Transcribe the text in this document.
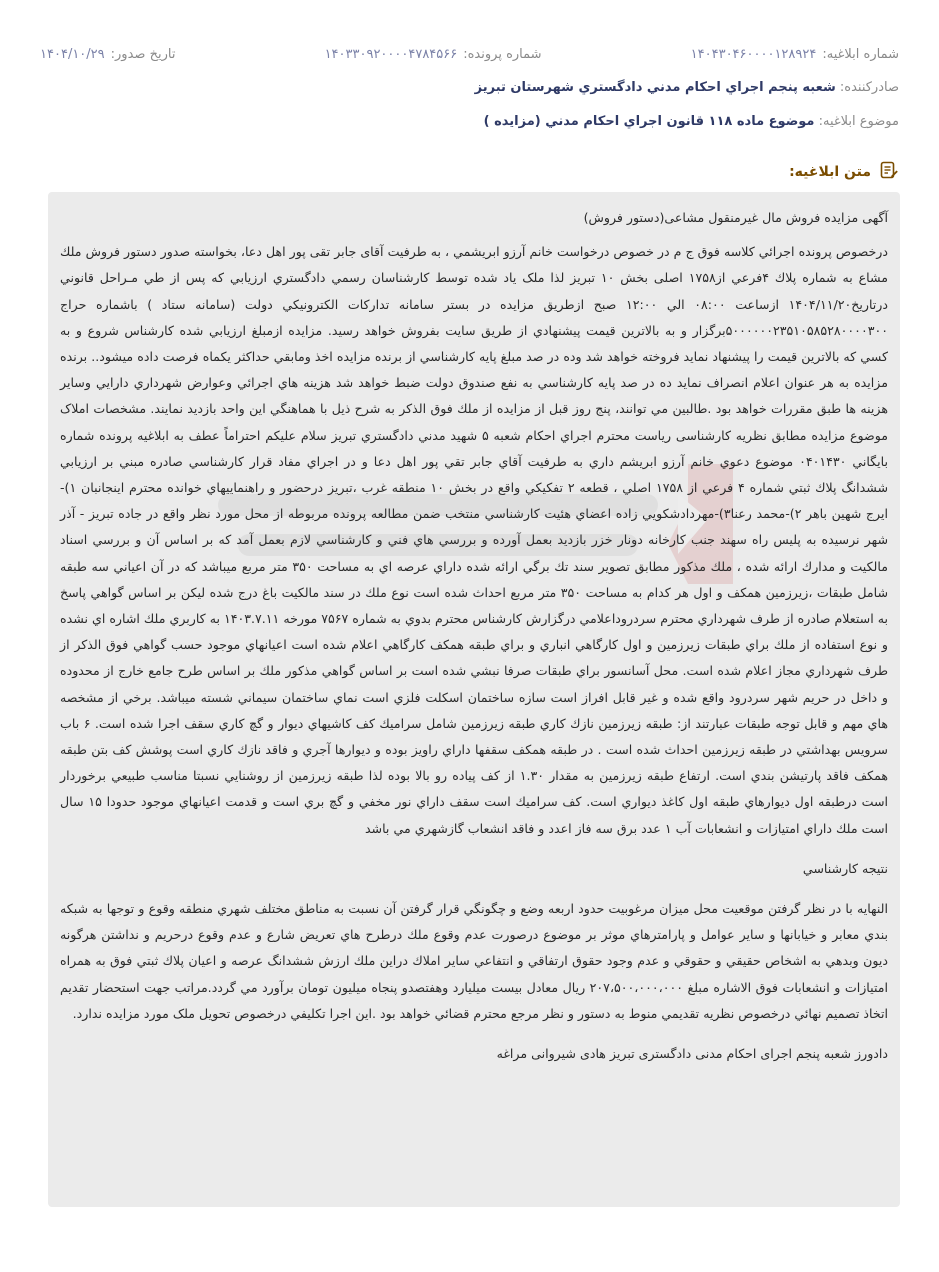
شماره ابلاغیه:
۱۴۰۴۳۰۴۶۰۰۰۰۱۲۸۹۲۴
شماره پرونده:
۱۴۰۳۳۰۹۲۰۰۰۰۴۷۸۴۵۶۶
تاریخ صدور:
۱۴۰۴/۱۰/۲۹
صادرکننده: شعبه پنجم اجراي احكام مدني دادگستري شهرستان تبريز
موضوع ابلاغیه: موضوع ماده ۱۱۸ قانون اجراي احكام مدني (مزايده )
متن ابلاغیه:

آگهی مزایده فروش مال غیرمنقول مشاعی(دستور فروش)

درخصوص پرونده اجرائي كلاسه فوق ج م در خصوص درخواست خانم آرزو ابريشمي ، به طرفيت آقای جابر تقی پور اهل دعا، بخواسته صدور دستور فروش ملك مشاع به شماره پلاك ۴فرعي از۱۷۵۸ اصلی بخش ۱۰ تبريز لذا ملک یاد شده توسط کارشناسان رسمي دادگستري ارزيابي كه پس از طي مـراحل قانوني درتاريخ۱۴۰۴/۱۱/۲۰ ازساعت ۰۸:۰۰ الي ۱۲:۰۰ صبح ازطريق مزايده در بستر سامانه تداركات الكترونيكي دولت (سامانه ستاد ) باشماره حراج ۵۰۰۰۰۰۰۲۳۵۱۰۵۸۵۲۸۰۰۰۰۳۰۰برگزار و به بالاترين قيمت پيشنهادي از طريق سايت بفروش خواهد رسيد. مزایده ازمبلغ ارزيابي شده كارشناس شروع و به كسي كه بالاترين قيمت را پيشنهاد نمايد فروخته خواهد شد وده در صد مبلغ پايه كارشناسي از برنده مزايده اخذ ومابقي حداكثر يكماه فرصت داده ميشود.. برنده مزايده به هر عنوان اعلام انصراف نمايد ده در صد پايه كارشناسي به نفع صندوق دولت ضبط خواهد شد هزينه هاي اجرائي وعوارض شهرداري دارايي وساير هزينه ها طبق مقررات خواهد بود .طالبين مي توانند، پنج روز قبل از مزايده از ملك فوق الذكر به شرح ذيل با هماهنگي اين واحد بازديد نمايند. مشخصات املاک موضوع مزایده مطابق نظریه کارشناسی رياست محترم اجراي احكام شعبه ۵ شهيد مدني دادگستري تبريز سلام عليكم احتراماً عطف به ابلاغیه پرونده شماره بايگاني ۰۴۰۱۴۳۰ موضوع دعوي خانم آرزو ابريشم داري به طرفيت آقاي جابر تقي پور اهل دعا و در اجراي مفاد قرار كارشناسي صادره مبني بر ارزيابي ششدانگ پلاك ثبتي شماره ۴ فرعي از ۱۷۵۸ اصلي ، قطعه ۲ تفكيكي واقع در بخش ۱۰ منطقه غرب ،تبريز درحضور و راهنماييهاي خوانده محترم اينجانبان ۱)-ايرج شهين باهر ۲)-محمد رعنا۳)-مهردادشكويي زاده اعضاي هئيت كارشناسي منتخب ضمن مطالعه پرونده مربوطه از محل مورد نظر واقع در جاده تبريز - آذر شهر نرسيده به پليس راه سهند جنب كارخانه دونار خزر بازديد بعمل آورده و بررسي هاي فني و كارشناسي لازم بعمل آمد كه بر اساس آن و بررسي اسناد مالكيت و مدارك ارائه شده ، ملك مذكور مطابق تصوير سند تك برگي ارائه شده داراي عرصه اي به مساحت ۳۵۰ متر مربع ميباشد كه در آن اعياني سه طبقه شامل طبقات ،زيرزمين همكف و اول هر كدام به مساحت ۳۵۰ متر مربع احداث شده است نوع ملك در سند مالكيت باغ درج شده ليكن بر اساس گواهي پاسخ به استعلام صادره از طرف شهرداري محترم سردروداعلامي درگزارش كارشناس محترم بدوي به شماره ۷۵۶۷ مورخه ۱۴۰۳.۷.۱۱ به كاربري ملك اشاره اي نشده و نوع استفاده از ملك براي طبقات زيرزمين و اول كارگاهي انباري و براي طبقه همكف كارگاهي اعلام شده است اعيانهاي موجود حسب گواهي فوق الذكر از طرف شهرداري مجاز اعلام شده است. محل آسانسور براي طبقات صرفا نبشي شده است بر اساس گواهي مذكور ملك بر اساس طرح جامع خارج از محدوده و داخل در حريم شهر سردرود واقع شده و غير قابل افراز است سازه ساختمان اسكلت فلزي است نماي ساختمان سيماني شسته ميباشد. برخي از مشخصه هاي مهم و قابل توجه طبقات عبارتند از: طبقه زيرزمين نازك كاري طبقه زيرزمين شامل سراميك كف كاشيهاي ديوار و گچ كاري سقف اجرا شده است. ۶ باب سرويس بهداشتي در طبقه زيرزمين احداث شده است . در طبقه همكف سقفها داراي راويز بوده و ديوارها آجري و فاقد نازك كاري است پوشش كف بتن طبقه همكف فاقد پارتيشن بندي است. ارتفاع طبقه زيرزمين به مقدار ۱.۳۰ از كف پياده رو بالا بوده لذا طبقه زيرزمين از روشنايي نسبتا مناسب طبيعي برخوردار است درطبقه اول ديوارهاي طبقه اول كاغذ ديواري است. كف سراميك است سقف داراي نور مخفي و گچ بري است و قدمت اعيانهاي موجود حدودا ۱۵ سال است ملك داراي امتيازات و انشعابات آب ۱ عدد برق سه فاز اعدد و فاقد انشعاب گازشهري مي باشد

نتيجه كارشناسي

النهايه با در نظر گرفتن موقعيت محل ميزان مرغوبيت حدود اربعه وضع و چگونگي قرار گرفتن آن نسبت به مناطق مختلف شهري منطقه وقوع و توجها به شبكه بندي معابر و خيابانها و ساير عوامل و پارامترهاي موثر بر موضوع درصورت عدم وقوع ملك درطرح هاي تعريض شارع و عدم وقوع درحريم و نداشتن هرگونه ديون وبدهي به اشخاص حقيقي و حقوقي و عدم وجود حقوق ارتفاقي و انتفاعي ساير املاك دراين ملك ارزش ششدانگ عرصه و اعيان پلاك ثبتي فوق به همراه امتيازات و انشعابات فوق الاشاره مبلغ ۲۰۷،۵۰۰،۰۰۰،۰۰۰ ريال معادل بيست ميليارد وهفتصدو پنجاه ميليون تومان برآورد مي گردد.مراتب جهت استحضار تقديم اتخاذ تصميم نهائي درخصوص نظريه تقديمي منوط به دستور و نظر مرجع محترم قضائي خواهد بود .اين اجرا تكليفي درخصوص تحويل ملک مورد مزايده ندارد.

دادورز شعبه پنجم اجرای احکام مدنی دادگستری تبریز هادی شیروانی مراغه
